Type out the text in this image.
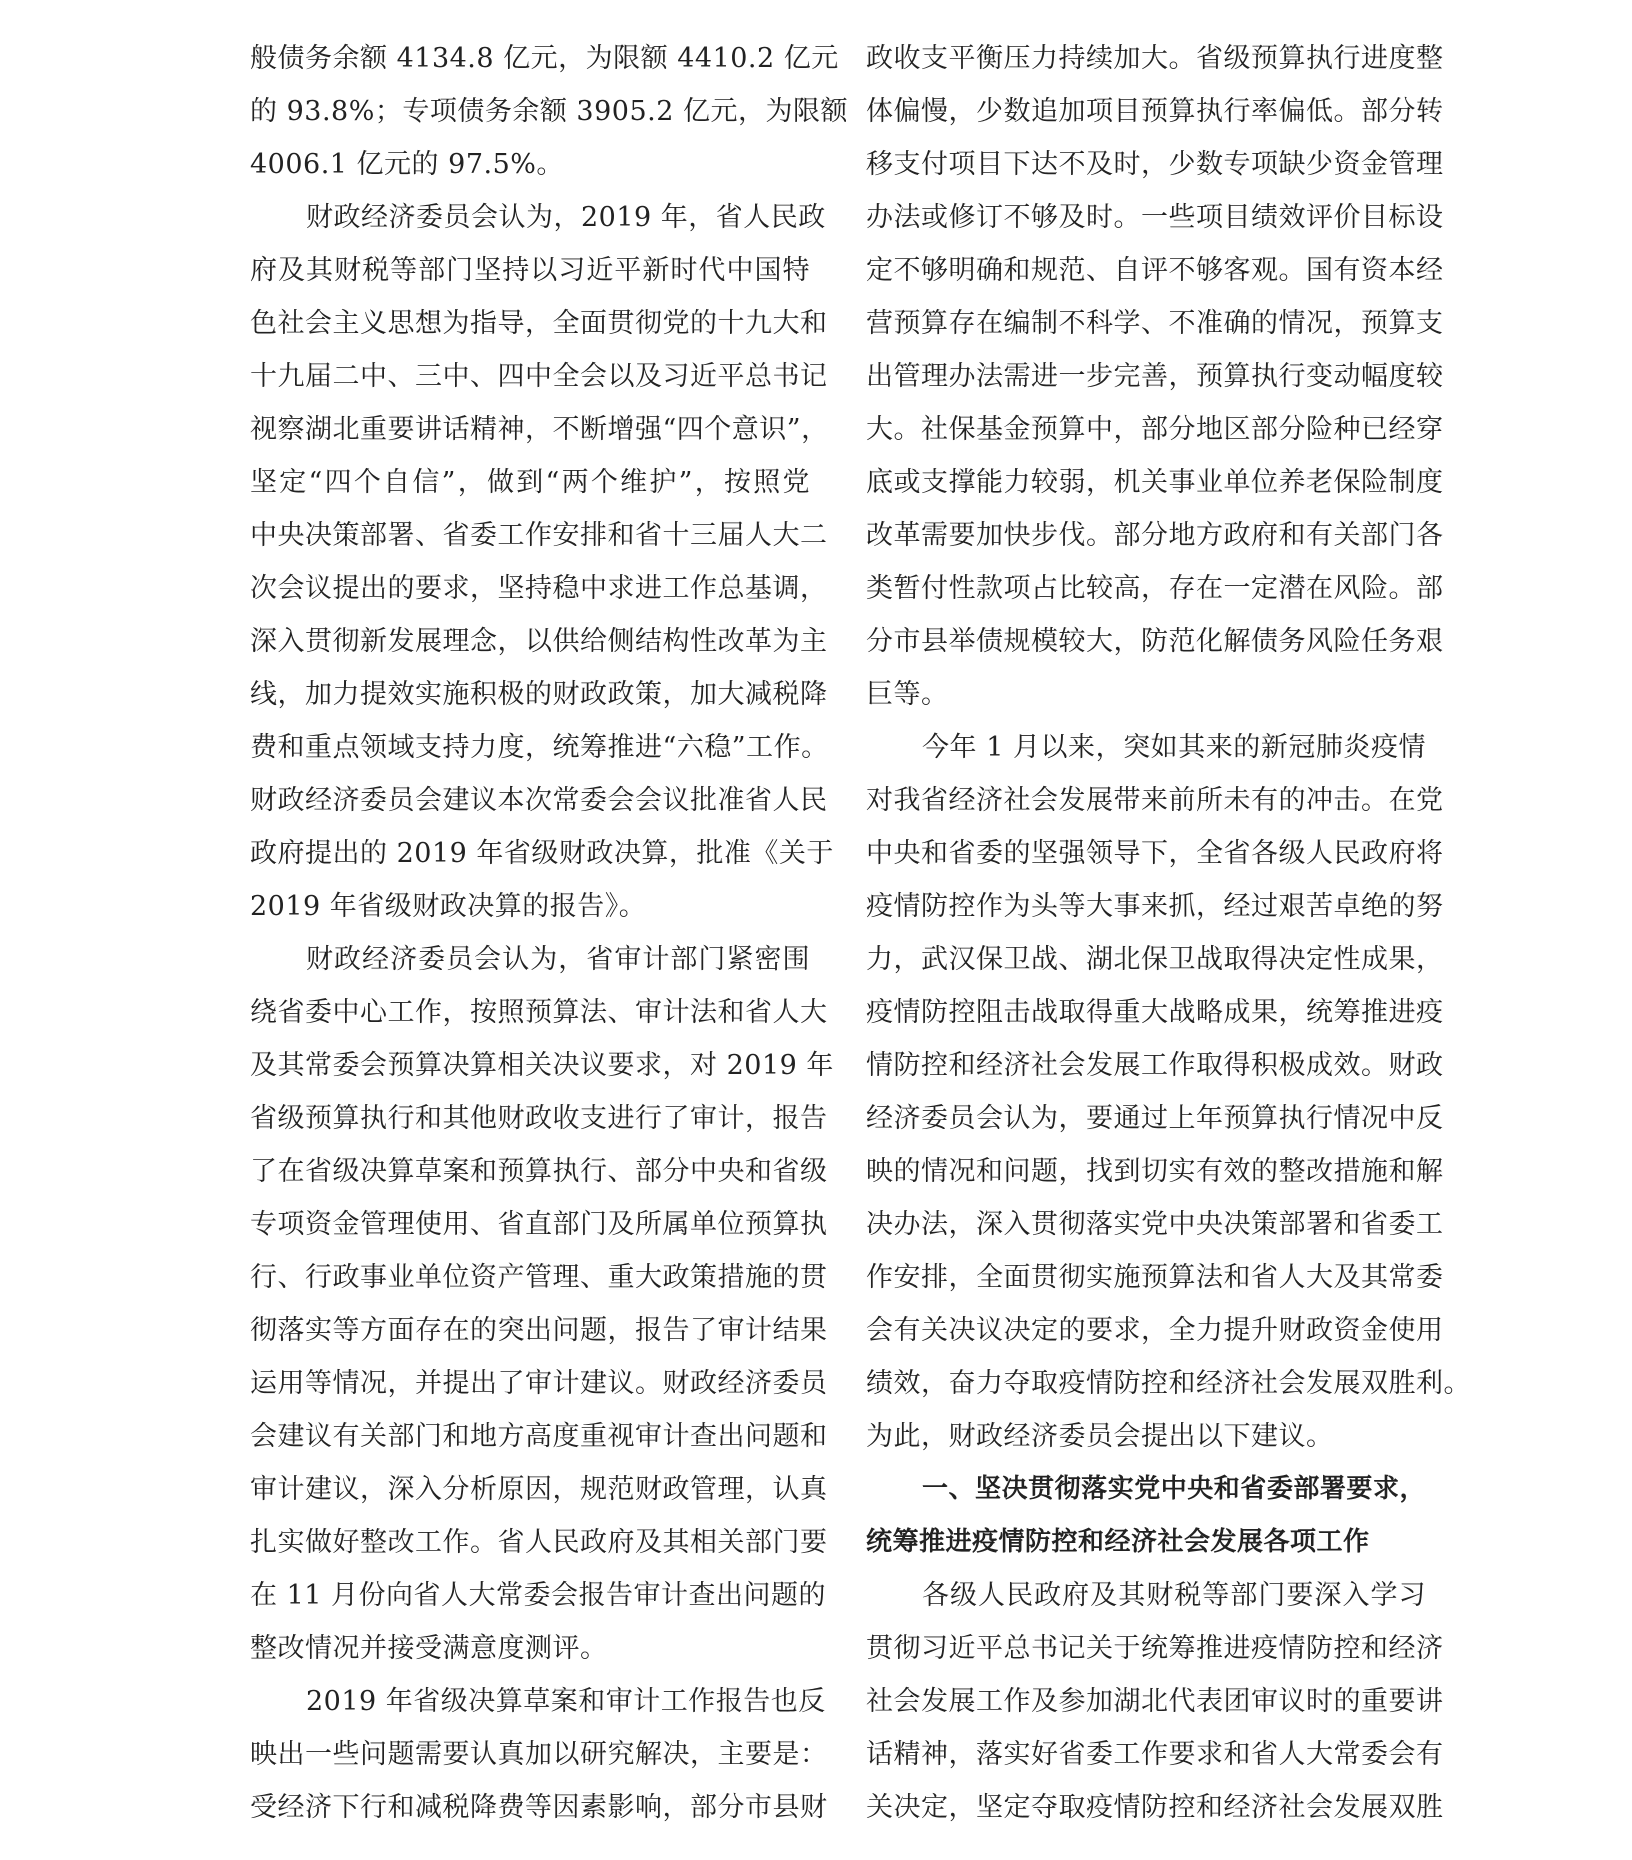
般债务余额 4134.8 亿元，为限额 4410.2 亿元
的 93.8%；专项债务余额 3905.2 亿元，为限额
4006.1 亿元的 97.5%。
财政经济委员会认为，2019 年，省人民政
府及其财税等部门坚持以习近平新时代中国特
色社会主义思想为指导，全面贯彻党的十九大和
十九届二中、三中、四中全会以及习近平总书记
视察湖北重要讲话精神，不断增强“四个意识”，
坚定“四个自信”，做到“两个维护”，按照党
中央决策部署、省委工作安排和省十三届人大二
次会议提出的要求，坚持稳中求进工作总基调，
深入贯彻新发展理念，以供给侧结构性改革为主
线，加力提效实施积极的财政政策，加大减税降
费和重点领域支持力度，统筹推进“六稳”工作。
财政经济委员会建议本次常委会会议批准省人民
政府提出的 2019 年省级财政决算，批准《关于
2019 年省级财政决算的报告》。
财政经济委员会认为，省审计部门紧密围
绕省委中心工作，按照预算法、审计法和省人大
及其常委会预算决算相关决议要求，对 2019 年
省级预算执行和其他财政收支进行了审计，报告
了在省级决算草案和预算执行、部分中央和省级
专项资金管理使用、省直部门及所属单位预算执
行、行政事业单位资产管理、重大政策措施的贯
彻落实等方面存在的突出问题，报告了审计结果
运用等情况，并提出了审计建议。财政经济委员
会建议有关部门和地方高度重视审计查出问题和
审计建议，深入分析原因，规范财政管理，认真
扎实做好整改工作。省人民政府及其相关部门要
在 11 月份向省人大常委会报告审计查出问题的
整改情况并接受满意度测评。
2019 年省级决算草案和审计工作报告也反
映出一些问题需要认真加以研究解决，主要是：
受经济下行和减税降费等因素影响，部分市县财
政收支平衡压力持续加大。省级预算执行进度整
体偏慢，少数追加项目预算执行率偏低。部分转
移支付项目下达不及时，少数专项缺少资金管理
办法或修订不够及时。一些项目绩效评价目标设
定不够明确和规范、自评不够客观。国有资本经
营预算存在编制不科学、不准确的情况，预算支
出管理办法需进一步完善，预算执行变动幅度较
大。社保基金预算中，部分地区部分险种已经穿
底或支撑能力较弱，机关事业单位养老保险制度
改革需要加快步伐。部分地方政府和有关部门各
类暂付性款项占比较高，存在一定潜在风险。部
分市县举债规模较大，防范化解债务风险任务艰
巨等。
今年 1 月以来，突如其来的新冠肺炎疫情
对我省经济社会发展带来前所未有的冲击。在党
中央和省委的坚强领导下，全省各级人民政府将
疫情防控作为头等大事来抓，经过艰苦卓绝的努
力，武汉保卫战、湖北保卫战取得决定性成果，
疫情防控阻击战取得重大战略成果，统筹推进疫
情防控和经济社会发展工作取得积极成效。财政
经济委员会认为，要通过上年预算执行情况中反
映的情况和问题，找到切实有效的整改措施和解
决办法，深入贯彻落实党中央决策部署和省委工
作安排，全面贯彻实施预算法和省人大及其常委
会有关决议决定的要求，全力提升财政资金使用
绩效，奋力夺取疫情防控和经济社会发展双胜利。
为此，财政经济委员会提出以下建议。
一、坚决贯彻落实党中央和省委部署要求，
统筹推进疫情防控和经济社会发展各项工作
各级人民政府及其财税等部门要深入学习
贯彻习近平总书记关于统筹推进疫情防控和经济
社会发展工作及参加湖北代表团审议时的重要讲
话精神，落实好省委工作要求和省人大常委会有
关决定，坚定夺取疫情防控和经济社会发展双胜
